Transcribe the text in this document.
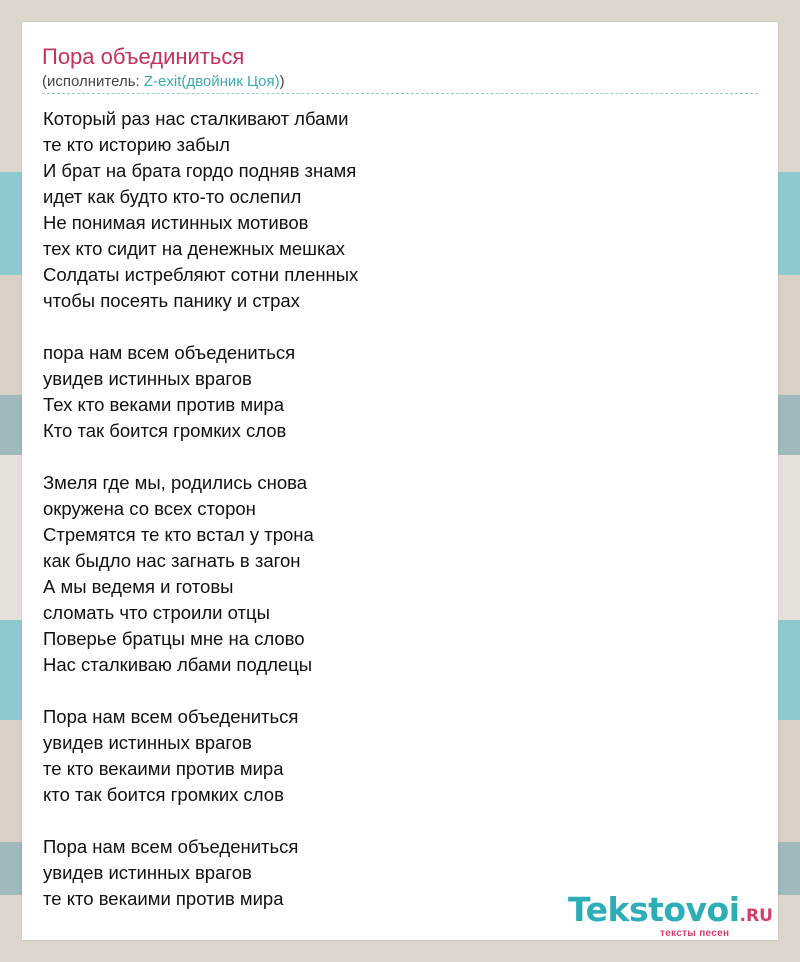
Пора объединиться
(исполнитель: Z-exit(двойник Цоя))
Который раз нас сталкивают лбами
те кто историю забыл
И брат на брата гордо подняв знамя
идет как будто кто-то ослепил
Не понимая истинных мотивов
тех кто сидит на денежных мешках
Солдаты истребляют сотни пленных
чтобы посеять панику и страх
пора нам всем объедениться
увидев истинных врагов
Тех кто веками против мира
Кто так боится громких слов
Змеля где мы, родились снова
окружена со всех сторон
Стремятся те кто встал у трона
как быдло нас загнать в загон
А мы ведемя и готовы
сломать что строили отцы
Поверье братцы мне на слово
Нас сталкиваю лбами подлецы
Пора нам всем объедениться
увидев истинных врагов
те кто векаими против мира
кто так боится громких слов
Пора нам всем объедениться
увидев истинных врагов
те кто векаими против мира	Tekstovoi.RU
тексты песен
